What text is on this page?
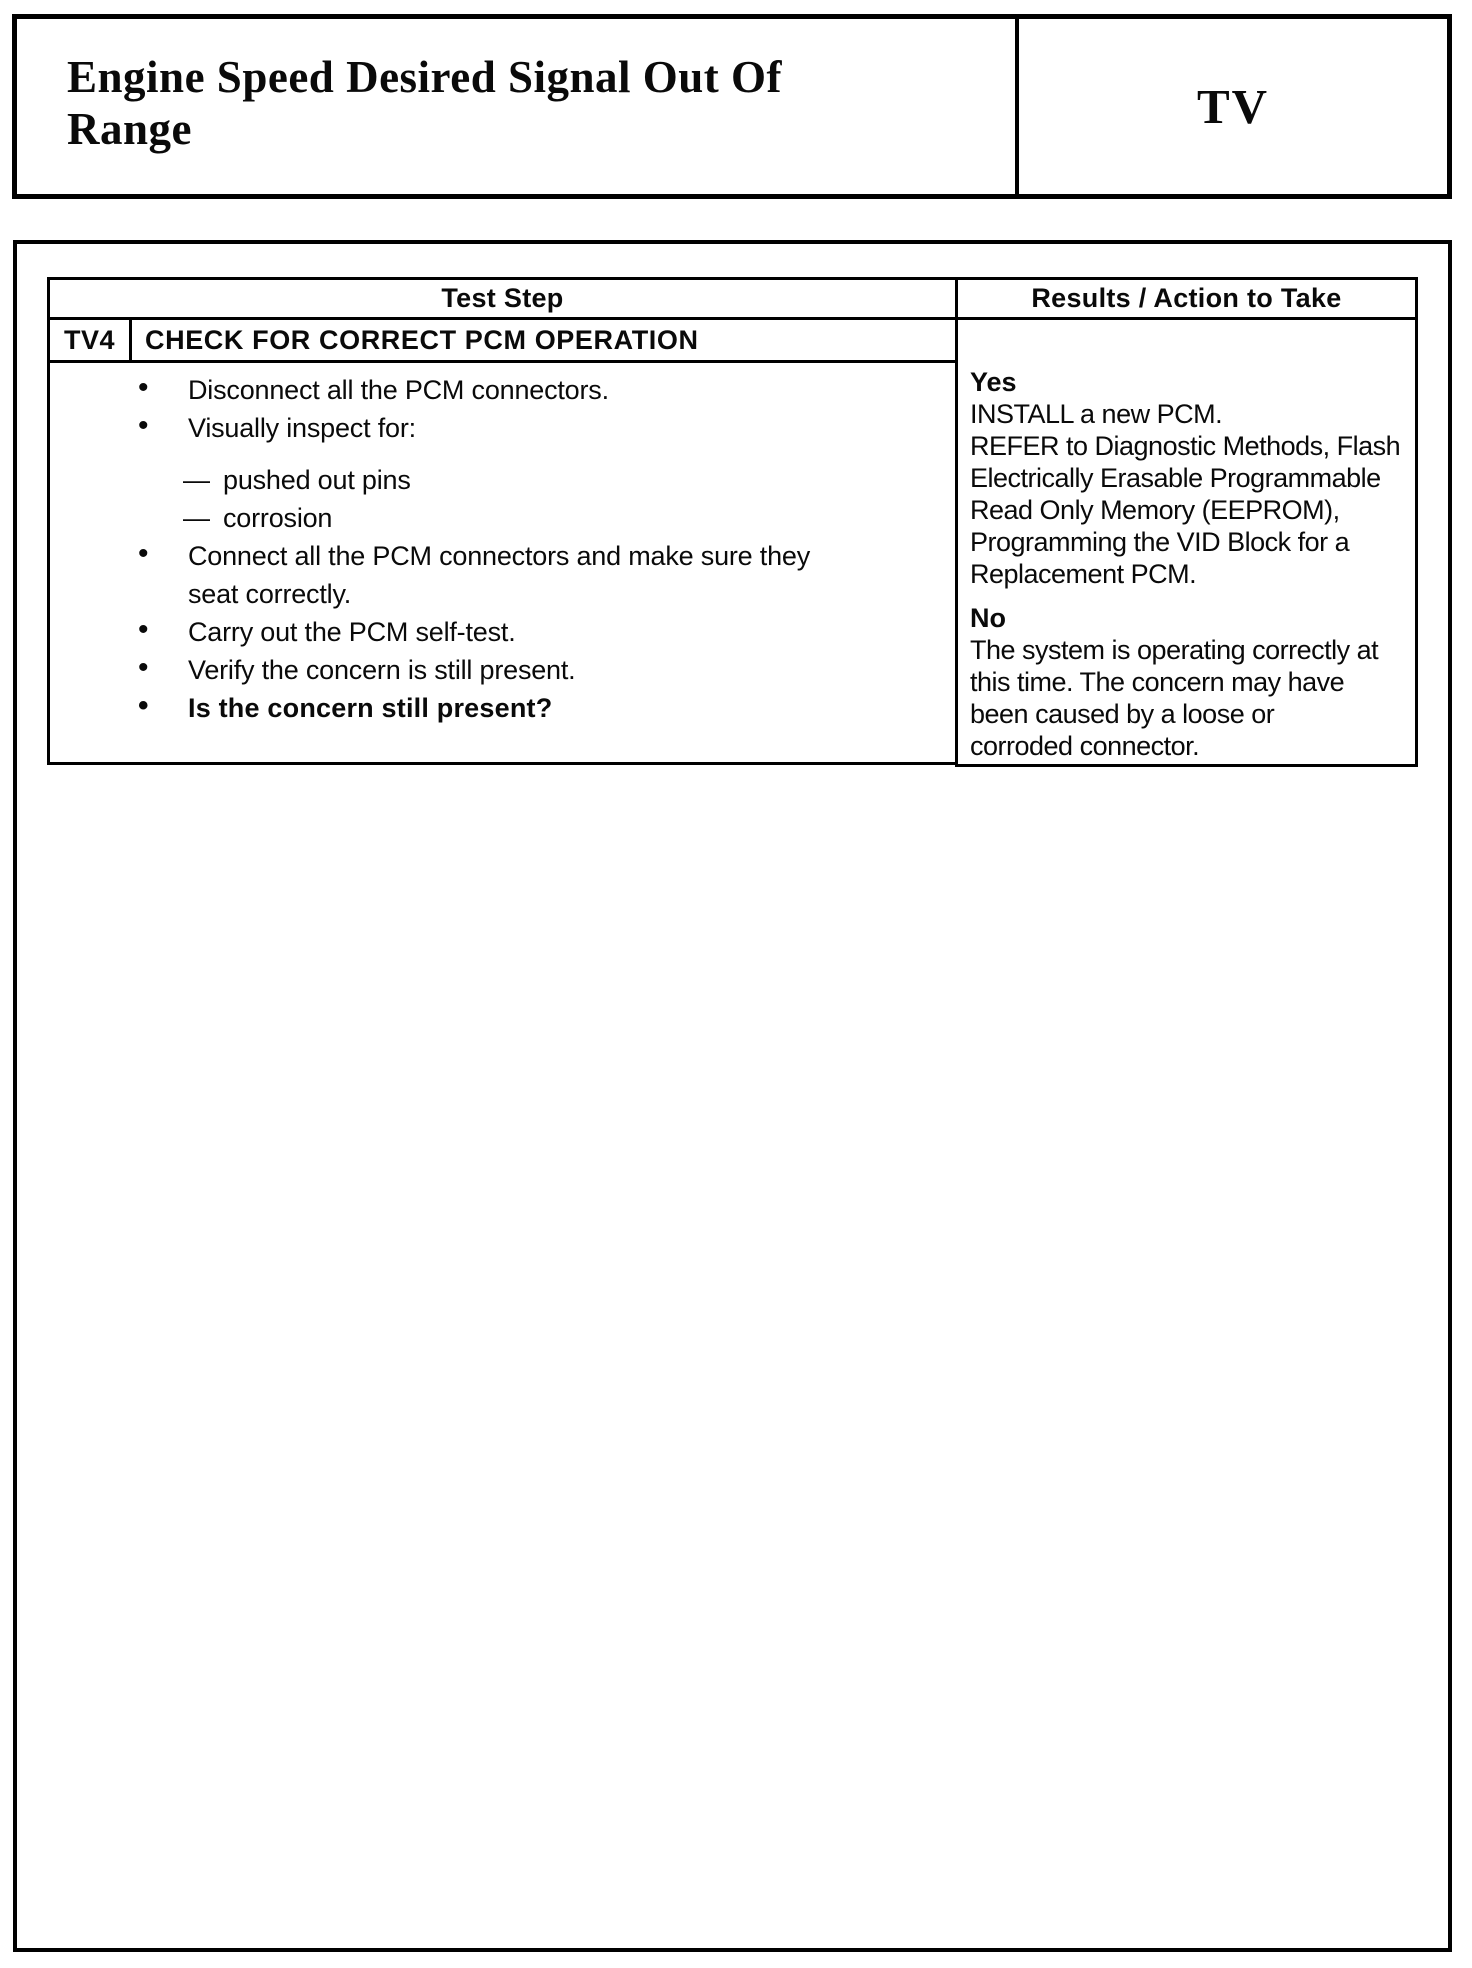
Engine Speed Desired Signal Out Of
Range	TV
Test Step
TV4	CHECK FOR CORRECT PCM OPERATION
• Disconnect all the PCM connectors.
• Visually inspect for:
— pushed out pins
— corrosion
• Connect all the PCM connectors and make sure they
seat correctly.
• Carry out the PCM self-test.
• Verify the concern is still present.
• Is the concern still present?
Results / Action to Take
Yes
INSTALL a new PCM.
REFER to Diagnostic Methods, Flash
Electrically Erasable Programmable
Read Only Memory (EEPROM),
Programming the VID Block for a
Replacement PCM.
No
The system is operating correctly at
this time. The concern may have
been caused by a loose or
corroded connector.
